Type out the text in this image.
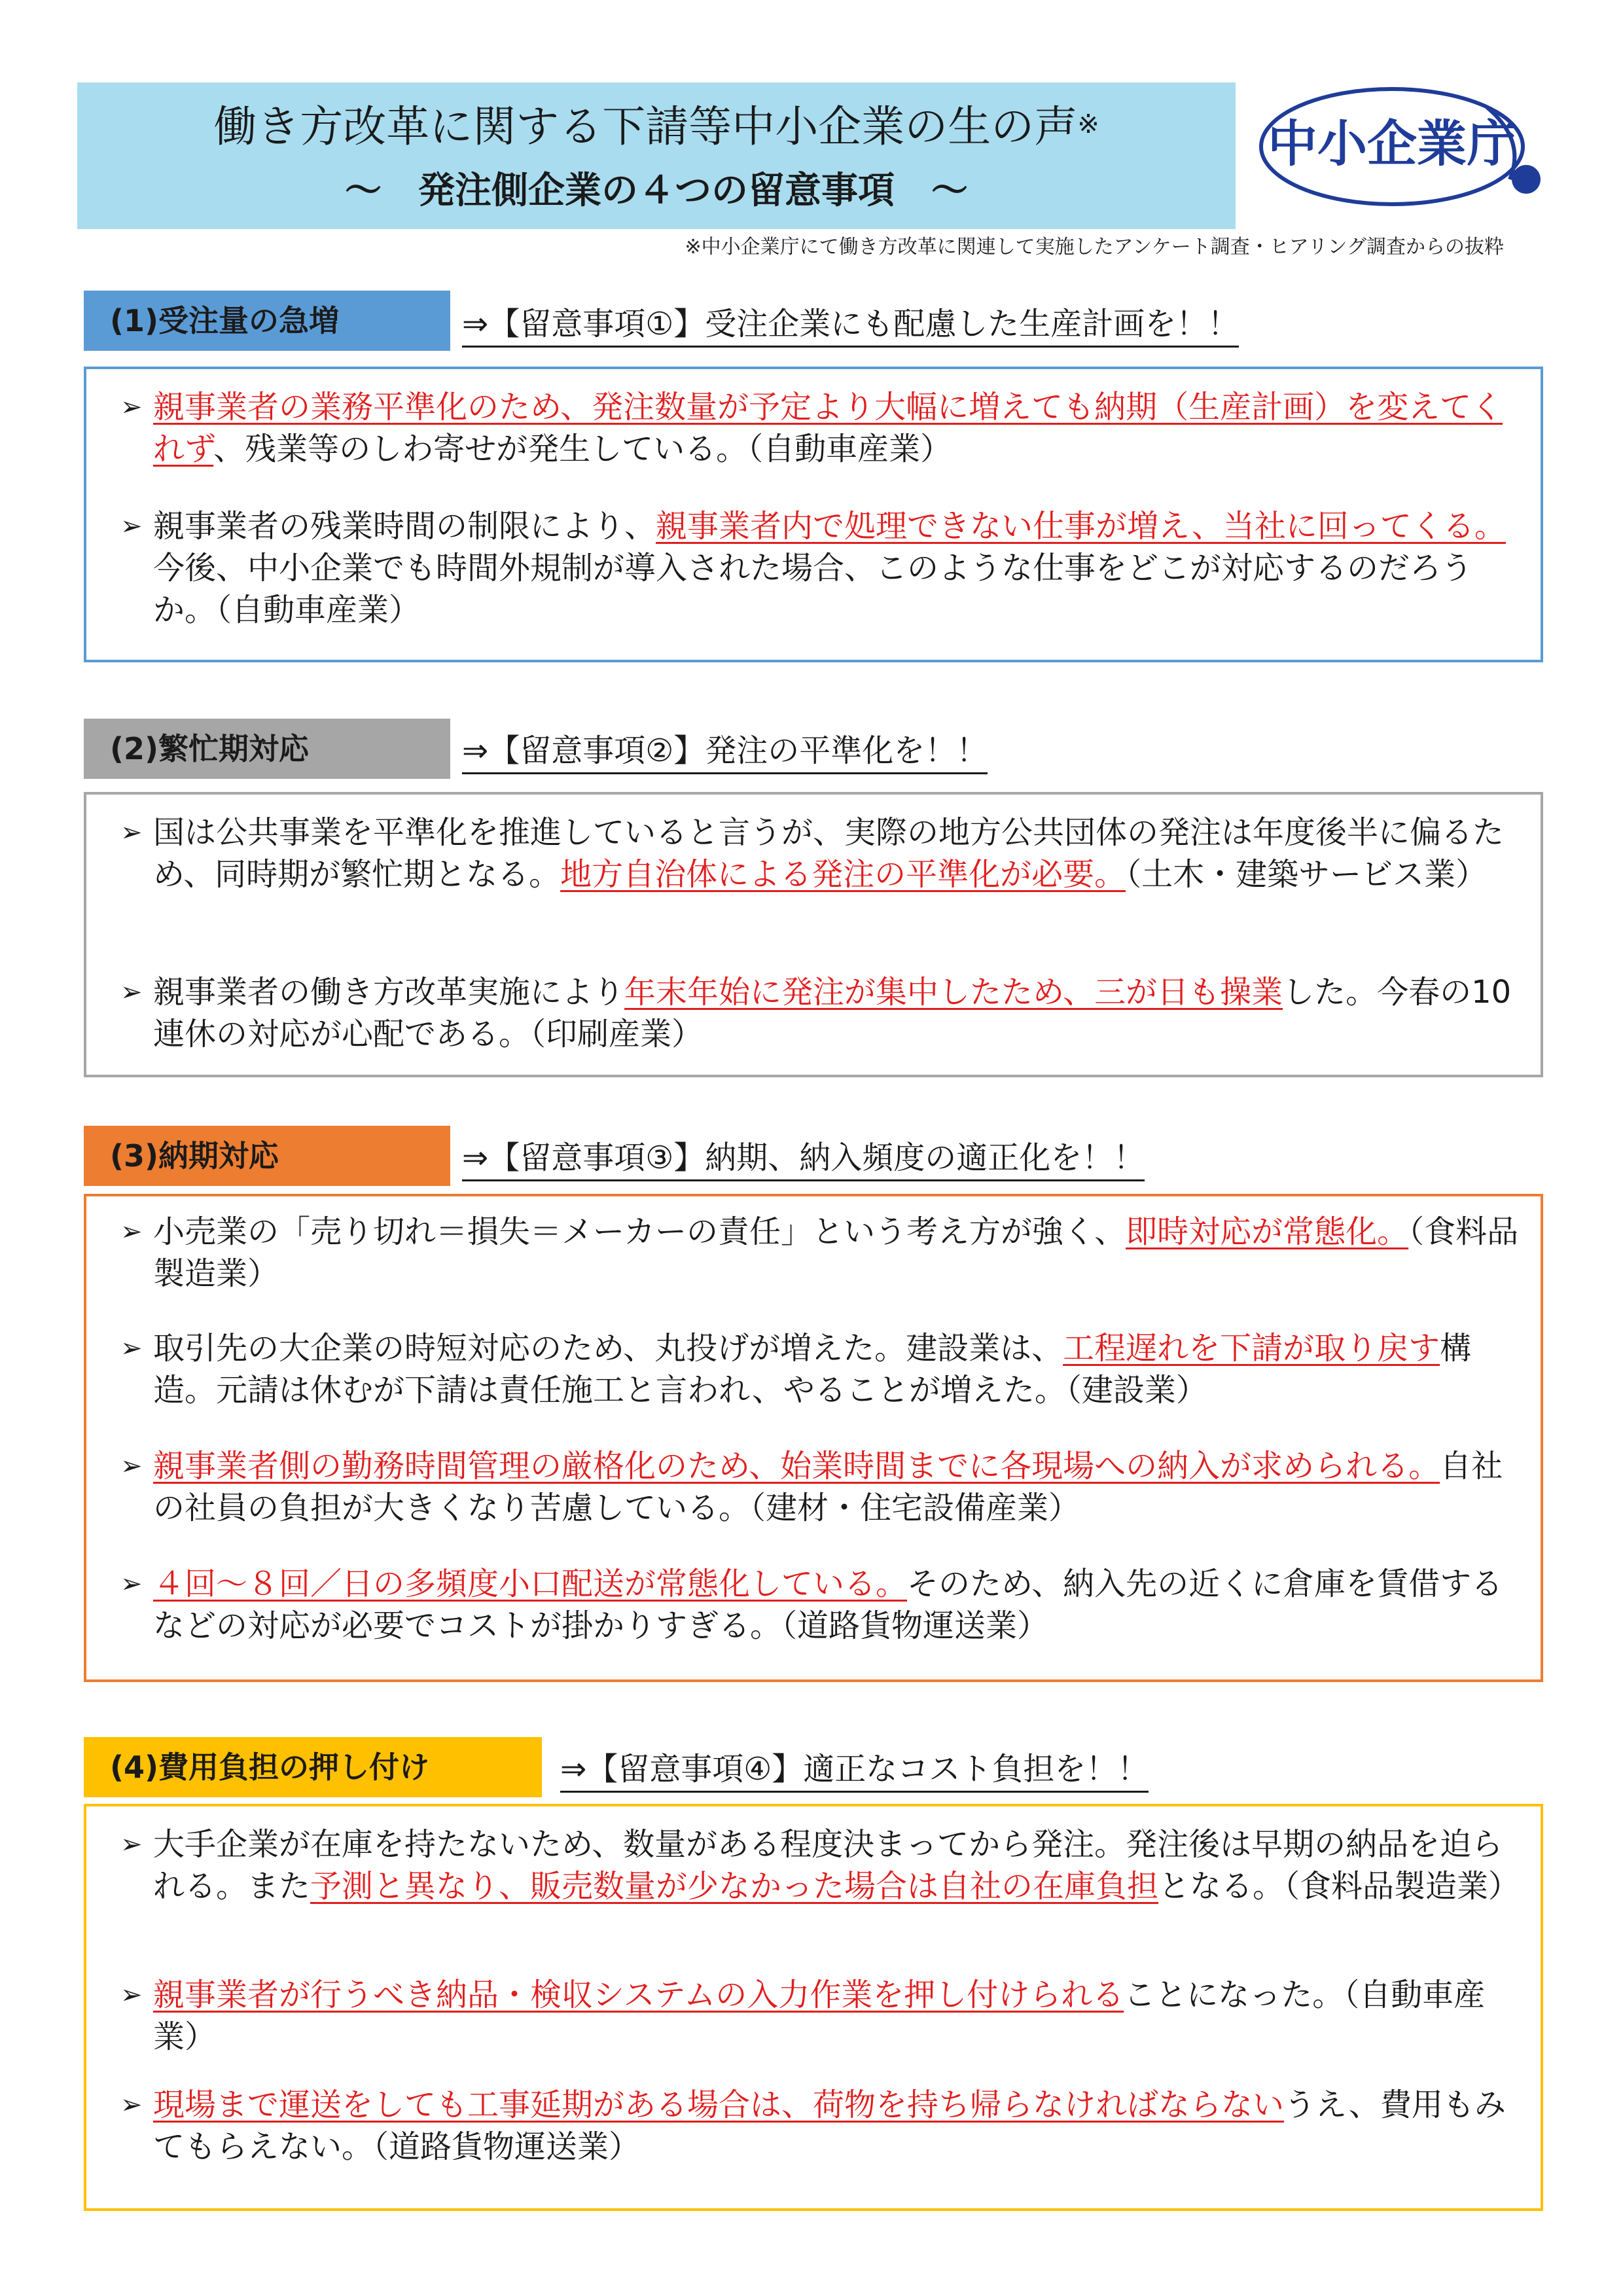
働き方改革に関する下請等中小企業の生の声※
～　発注側企業の４つの留意事項　～
中小企業庁
※中小企業庁にて働き方改革に関連して実施したアンケート調査・ヒアリング調査からの抜粋
(1)受注量の急増	⇒【留意事項①】受注企業にも配慮した生産計画を！！
➢ 親事業者の業務平準化のため、発注数量が予定より大幅に増えても納期（生産計画）を変えてくれず、残業等のしわ寄せが発生している。（自動車産業）
➢ 親事業者の残業時間の制限により、親事業者内で処理できない仕事が増え、当社に回ってくる。今後、中小企業でも時間外規制が導入された場合、このような仕事をどこが対応するのだろうか。（自動車産業）
(2)繁忙期対応	⇒【留意事項②】発注の平準化を！！
➢ 国は公共事業を平準化を推進していると言うが、実際の地方公共団体の発注は年度後半に偏るため、同時期が繁忙期となる。地方自治体による発注の平準化が必要。（土木・建築サービス業）
➢ 親事業者の働き方改革実施により年末年始に発注が集中したため、三が日も操業した。今春の10連休の対応が心配である。（印刷産業）
(3)納期対応	⇒【留意事項③】納期、納入頻度の適正化を！！
➢ 小売業の「売り切れ＝損失＝メーカーの責任」という考え方が強く、即時対応が常態化。（食料品製造業）
➢ 取引先の大企業の時短対応のため、丸投げが増えた。建設業は、工程遅れを下請が取り戻す構造。元請は休むが下請は責任施工と言われ、やることが増えた。（建設業）
➢ 親事業者側の勤務時間管理の厳格化のため、始業時間までに各現場への納入が求められる。自社の社員の負担が大きくなり苦慮している。（建材・住宅設備産業）
➢ ４回～８回／日の多頻度小口配送が常態化している。そのため、納入先の近くに倉庫を賃借するなどの対応が必要でコストが掛かりすぎる。（道路貨物運送業）
(4)費用負担の押し付け	⇒【留意事項④】適正なコスト負担を！！
➢ 大手企業が在庫を持たないため、数量がある程度決まってから発注。発注後は早期の納品を迫られる。また予測と異なり、販売数量が少なかった場合は自社の在庫負担となる。（食料品製造業）
➢ 親事業者が行うべき納品・検収システムの入力作業を押し付けられることになった。（自動車産業）
➢ 現場まで運送をしても工事延期がある場合は、荷物を持ち帰らなければならないうえ、費用もみてもらえない。（道路貨物運送業）
